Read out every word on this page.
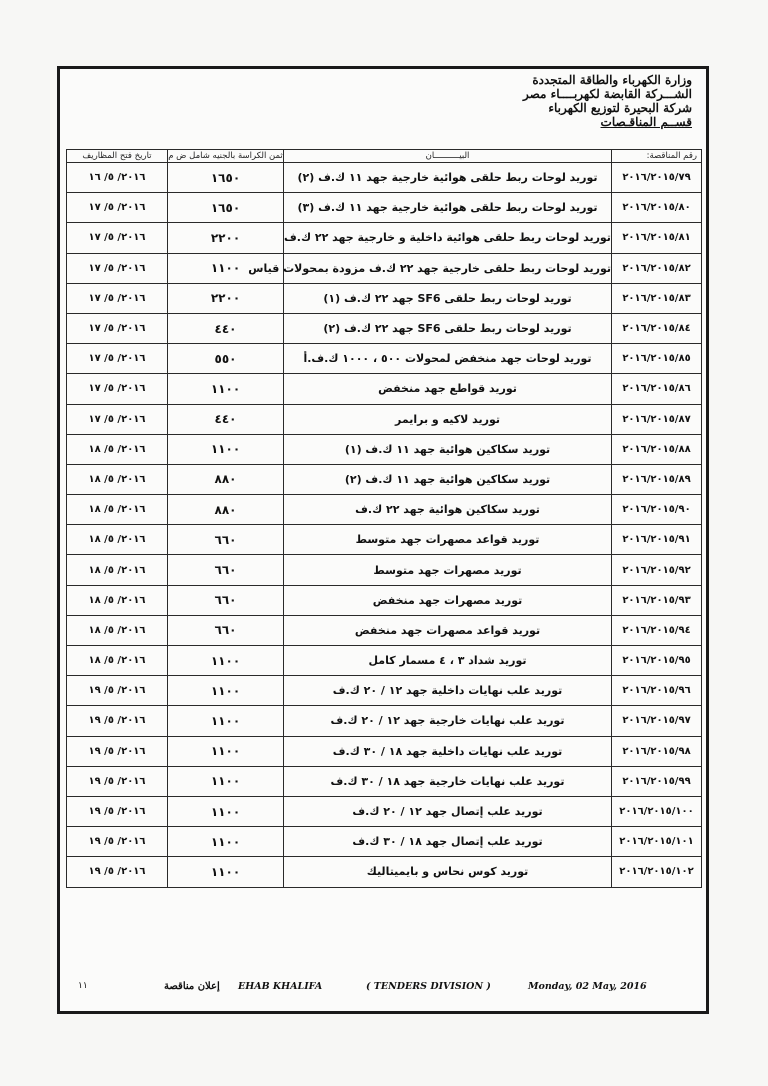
وزارة الكهرباء والطاقة المتجددة
الشـــركة القابضة لكهربــــاء مصر
شركة البحيرة لتوزيع الكهرباء
قســم المناقـصات
رقم المناقصة:	البيــــــــــان	ثمن الكراسة بالجنيه شامل ض م	تاريخ فتح المظاريف
٢٠١٦/٢٠١٥/٧٩	توريد لوحات ربط حلقى هوائية خارجية جهد ١١ ك.ف (٢)	١٦٥٠	٢٠١٦/ ٥/ ١٦
٢٠١٦/٢٠١٥/٨٠	توريد لوحات ربط حلقى هوائية خارجية جهد ١١ ك.ف (٣)	١٦٥٠	٢٠١٦/ ٥/ ١٧
٢٠١٦/٢٠١٥/٨١	توريد لوحات ربط حلقى هوائية داخلية و خارجية جهد ٢٢ ك.ف	٢٢٠٠	٢٠١٦/ ٥/ ١٧
٢٠١٦/٢٠١٥/٨٢	توريد لوحات ربط حلقى خارجية جهد ٢٢ ك.ف مزودة بمحولات قياس	١١٠٠	٢٠١٦/ ٥/ ١٧
٢٠١٦/٢٠١٥/٨٣	توريد لوحات ربط حلقى SF6 جهد ٢٢ ك.ف (١)	٢٢٠٠	٢٠١٦/ ٥/ ١٧
٢٠١٦/٢٠١٥/٨٤	توريد لوحات ربط حلقى SF6 جهد ٢٢ ك.ف (٢)	٤٤٠	٢٠١٦/ ٥/ ١٧
٢٠١٦/٢٠١٥/٨٥	توريد لوحات جهد منخفض لمحولات ٥٠٠ ، ١٠٠٠ ك.ف.أ	٥٥٠	٢٠١٦/ ٥/ ١٧
٢٠١٦/٢٠١٥/٨٦	توريد قواطع جهد منخفض	١١٠٠	٢٠١٦/ ٥/ ١٧
٢٠١٦/٢٠١٥/٨٧	توريد لاكيه و برايمر	٤٤٠	٢٠١٦/ ٥/ ١٧
٢٠١٦/٢٠١٥/٨٨	توريد سكاكين هوائية جهد ١١ ك.ف (١)	١١٠٠	٢٠١٦/ ٥/ ١٨
٢٠١٦/٢٠١٥/٨٩	توريد سكاكين هوائية جهد ١١ ك.ف (٢)	٨٨٠	٢٠١٦/ ٥/ ١٨
٢٠١٦/٢٠١٥/٩٠	توريد سكاكين هوائية جهد ٢٢ ك.ف	٨٨٠	٢٠١٦/ ٥/ ١٨
٢٠١٦/٢٠١٥/٩١	توريد قواعد مصهرات جهد متوسط	٦٦٠	٢٠١٦/ ٥/ ١٨
٢٠١٦/٢٠١٥/٩٢	توريد مصهرات جهد متوسط	٦٦٠	٢٠١٦/ ٥/ ١٨
٢٠١٦/٢٠١٥/٩٣	توريد مصهرات جهد منخفض	٦٦٠	٢٠١٦/ ٥/ ١٨
٢٠١٦/٢٠١٥/٩٤	توريد قواعد مصهرات جهد منخفض	٦٦٠	٢٠١٦/ ٥/ ١٨
٢٠١٦/٢٠١٥/٩٥	توريد شداد ٣ ، ٤ مسمار كامل	١١٠٠	٢٠١٦/ ٥/ ١٨
٢٠١٦/٢٠١٥/٩٦	توريد علب نهايات داخلية جهد ١٢ / ٢٠ ك.ف	١١٠٠	٢٠١٦/ ٥/ ١٩
٢٠١٦/٢٠١٥/٩٧	توريد علب نهايات خارجية جهد ١٢ / ٢٠ ك.ف	١١٠٠	٢٠١٦/ ٥/ ١٩
٢٠١٦/٢٠١٥/٩٨	توريد علب نهايات داخلية جهد ١٨ / ٣٠ ك.ف	١١٠٠	٢٠١٦/ ٥/ ١٩
٢٠١٦/٢٠١٥/٩٩	توريد علب نهايات خارجية جهد ١٨ / ٣٠ ك.ف	١١٠٠	٢٠١٦/ ٥/ ١٩
٢٠١٦/٢٠١٥/١٠٠	توريد علب إتصال جهد ١٢ / ٢٠ ك.ف	١١٠٠	٢٠١٦/ ٥/ ١٩
٢٠١٦/٢٠١٥/١٠١	توريد علب إتصال جهد ١٨ / ٣٠ ك.ف	١١٠٠	٢٠١٦/ ٥/ ١٩
٢٠١٦/٢٠١٥/١٠٢	توريد كوس نحاس و بايميتاليك	١١٠٠	٢٠١٦/ ٥/ ١٩
١١	إعلان مناقصة EHAB KHALIFA	( TENDERS DIVISION )	Monday, 02 May, 2016
